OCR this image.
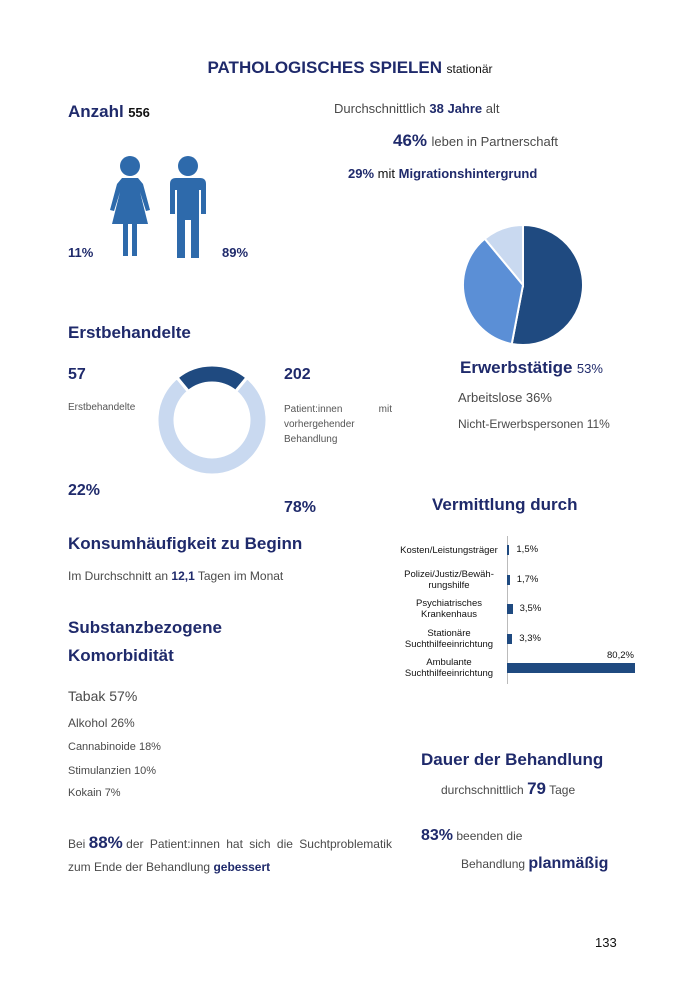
PATHOLOGISCHES SPIELEN stationär
Anzahl 556
11%	89%
Durchschnittlich 38 Jahre alt
46% leben in Partnerschaft
29% mit Migrationshintergrund
Erwerbstätige 53%
Arbeitslose 36%
Nicht-Erwerbspersonen 11%
Erstbehandelte
57
Erstbehandelte
22%
202
Patient:innen	mit
vorhergehender
Behandlung
78%
Konsumhäufigkeit zu Beginn
Im Durchschnitt an 12,1 Tagen im Monat
Substanzbezogene
Komorbidität
Tabak 57%
Alkohol 26%
Cannabinoide 18%
Stimulanzien 10%
Kokain 7%
Bei 88% der Patient:innen hat sich die Suchtproblematik
zum Ende der Behandlung gebessert
Vermittlung durch
Kosten/Leistungsträger	1,5%
Polizei/Justiz/Bewäh-
rungshilfe
1,7%
Psychiatrisches
Krankenhaus
3,5%
Stationäre
Suchthilfeeinrichtung
3,3%
Ambulante
Suchthilfeeinrichtung
80,2%
Dauer der Behandlung
durchschnittlich 79 Tage
83% beenden die
Behandlung planmäßig
133
